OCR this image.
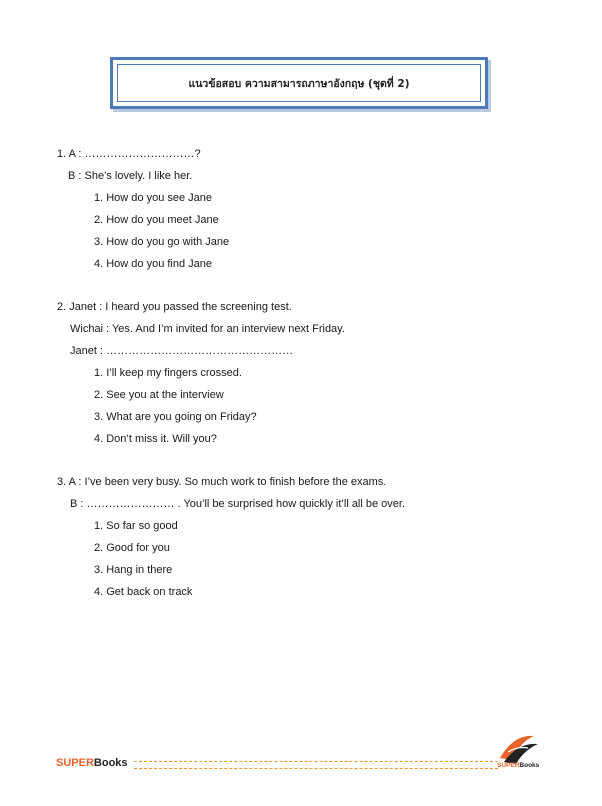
แนวข้อสอบ ความสามารถภาษาอังกฤษ (ชุดที่ 2)
1. A : …………………………?
B : She’s lovely. I like her.
1. How do you see Jane
2. How do you meet Jane
3. How do you go with Jane
4. How do you find Jane
2. Janet : I heard you passed the screening test.
Wichai : Yes. And I’m invited for an interview next Friday.
Janet : ……………………………………………
1. I’ll keep my fingers crossed.
2. See you at the interview
3. What are you going on Friday?
4. Don’t miss it. Will you?
3. A : I’ve been very busy. So much work to finish before the exams.
B : …………………… . You’ll be surprised how quickly it’ll all be over.
1. So far so good
2. Good for you
3. Hang in there
4. Get back on track
SUPERBooks	SUPERBooks
